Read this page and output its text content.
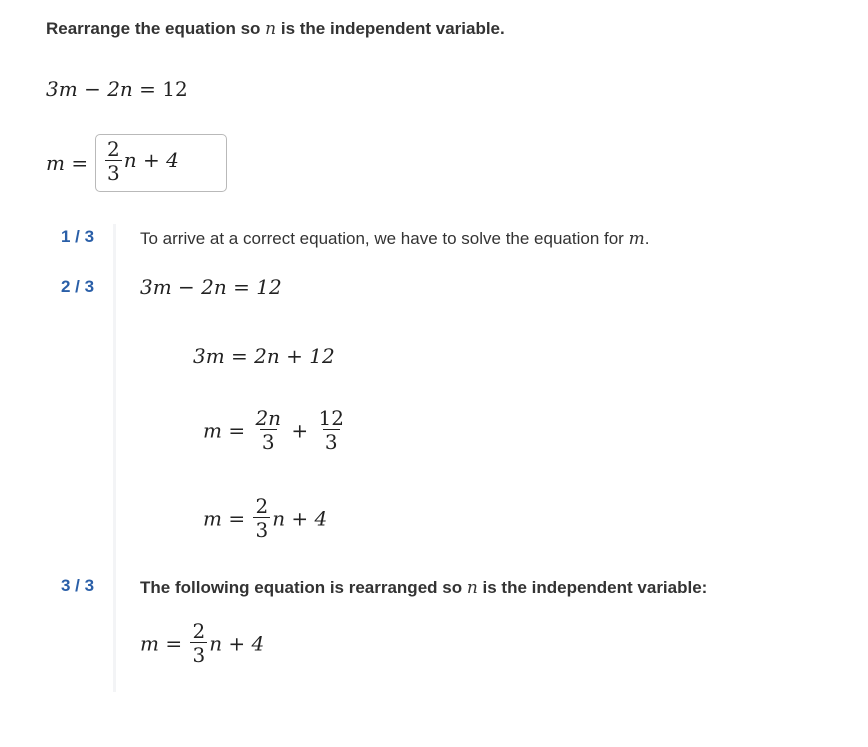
Rearrange the equation so n is the independent variable.
3m − 2n = 12
$m = \frac{2}{3}$ n + 4
1 / 3	To arrive at a correct equation, we have to solve the equation for m.
2 / 3 3m − 2n = 12
3m = 2n + 12
$m = \frac{2n}{3} + \frac{12}{3}$
$m = \frac{2}{3}$ n + 4
3 / 3	The following equation is rearranged so n is the independent variable:
$m = \frac{2}{3}$ n + 4
